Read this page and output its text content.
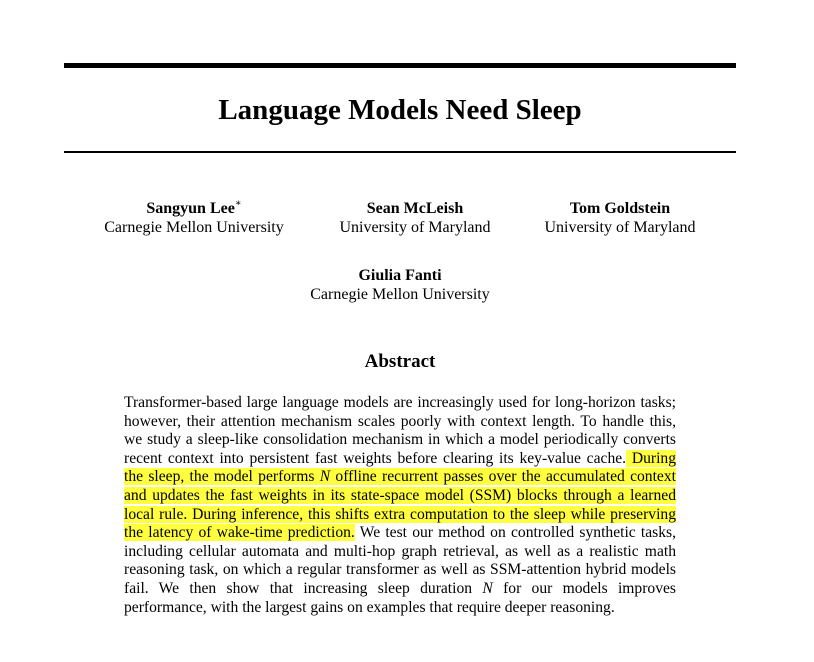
Language Models Need Sleep
Sangyun Lee∗
Carnegie Mellon University
Sean McLeish
University of Maryland
Tom Goldstein
University of Maryland
Giulia Fanti
Carnegie Mellon University
Abstract

Transformer-based large language models are increasingly used for long-horizon tasks; however, their attention mechanism scales poorly with context length. To handle this, we study a sleep-like consolidation mechanism in which a model periodically converts recent context into persistent fast weights before clearing its key-value cache. During the sleep, the model performs N offline recurrent passes over the accumulated context and updates the fast weights in its state-space model (SSM) blocks through a learned local rule. During inference, this shifts extra computation to the sleep while preserving the latency of wake-time prediction. We test our method on controlled synthetic tasks, including cellular automata and multi-hop graph retrieval, as well as a realistic math reasoning task, on which a regular transformer as well as SSM-attention hybrid models fail. We then show that increasing sleep duration N for our models improves performance, with the largest gains on examples that require deeper reasoning.
